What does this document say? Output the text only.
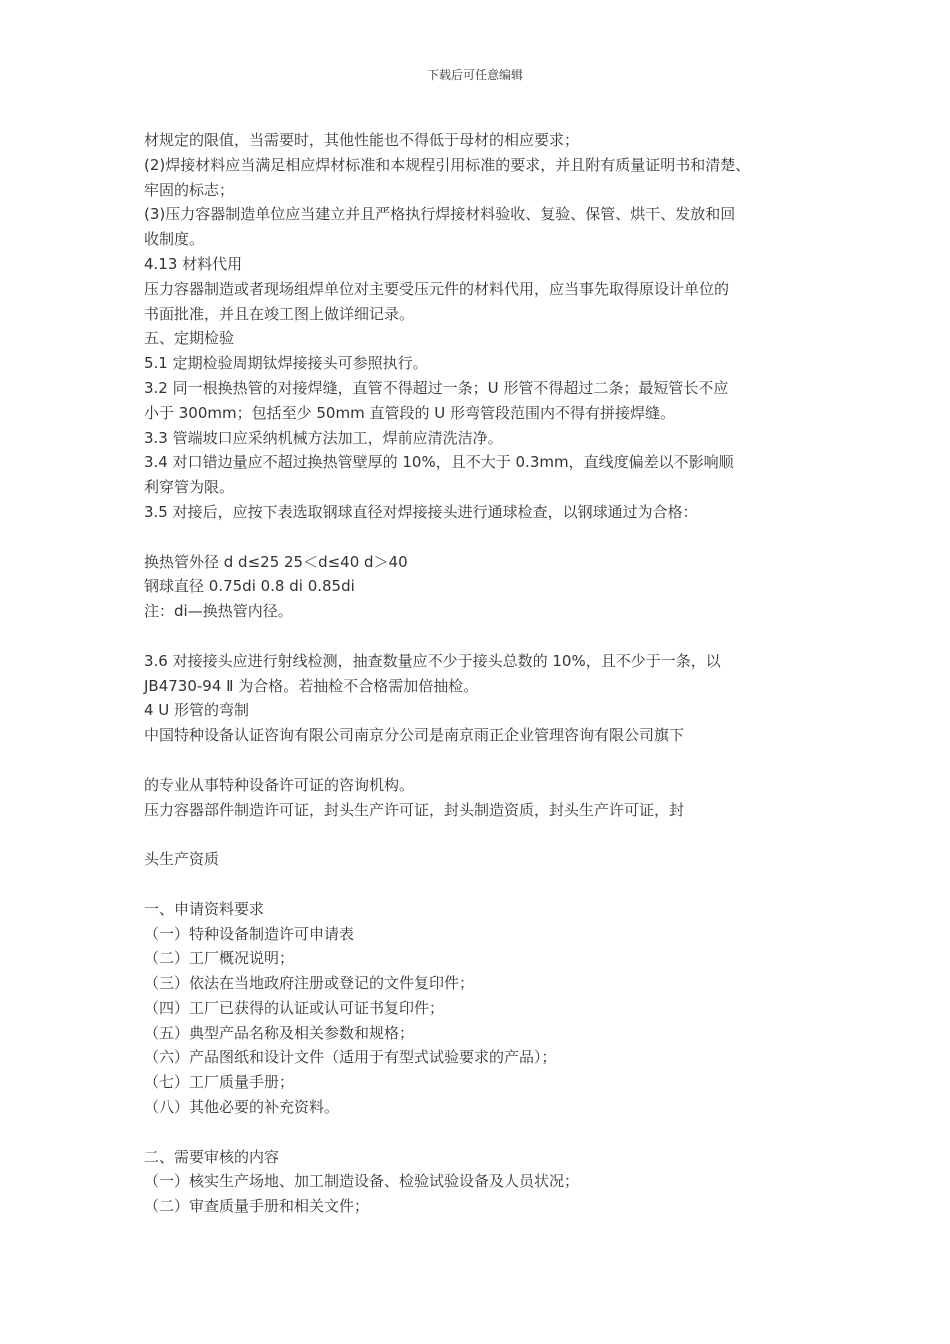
下载后可任意编辑
材规定的限值，当需要时，其他性能也不得低于母材的相应要求；
(2)焊接材料应当满足相应焊材标准和本规程引用标准的要求，并且附有质量证明书和清楚、
牢固的标志；
(3)压力容器制造单位应当建立并且严格执行焊接材料验收、复验、保管、烘干、发放和回
收制度。
4.13 材料代用
压力容器制造或者现场组焊单位对主要受压元件的材料代用，应当事先取得原设计单位的
书面批准，并且在竣工图上做详细记录。
五、定期检验
5.1 定期检验周期钛焊接接头可参照执行。
3.2 同一根换热管的对接焊缝，直管不得超过一条；U 形管不得超过二条；最短管长不应
小于 300mm；包括至少 50mm 直管段的 U 形弯管段范围内不得有拼接焊缝。
3.3 管端坡口应采纳机械方法加工，焊前应清洗洁净。
3.4 对口错边量应不超过换热管壁厚的 10%，且不大于 0.3mm，直线度偏差以不影响顺
利穿管为限。
3.5 对接后，应按下表选取钢球直径对焊接接头进行通球检查，以钢球通过为合格：
换热管外径 d d≤25 25＜d≤40 d＞40
钢球直径 0.75di 0.8 di 0.85di
注：di—换热管内径。
3.6 对接接头应进行射线检测，抽查数量应不少于接头总数的 10%，且不少于一条，以
JB4730-94 Ⅱ 为合格。若抽检不合格需加倍抽检。
4 U 形管的弯制
中国特种设备认证咨询有限公司南京分公司是南京雨正企业管理咨询有限公司旗下
的专业从事特种设备许可证的咨询机构。
压力容器部件制造许可证，封头生产许可证，封头制造资质，封头生产许可证，封
头生产资质
一、申请资料要求
（一）特种设备制造许可申请表
（二）工厂概况说明；
（三）依法在当地政府注册或登记的文件复印件；
（四）工厂已获得的认证或认可证书复印件；
（五）典型产品名称及相关参数和规格；
（六）产品图纸和设计文件（适用于有型式试验要求的产品）；
（七）工厂质量手册；
（八）其他必要的补充资料。
二、需要审核的内容
（一）核实生产场地、加工制造设备、检验试验设备及人员状况；
（二）审查质量手册和相关文件；
